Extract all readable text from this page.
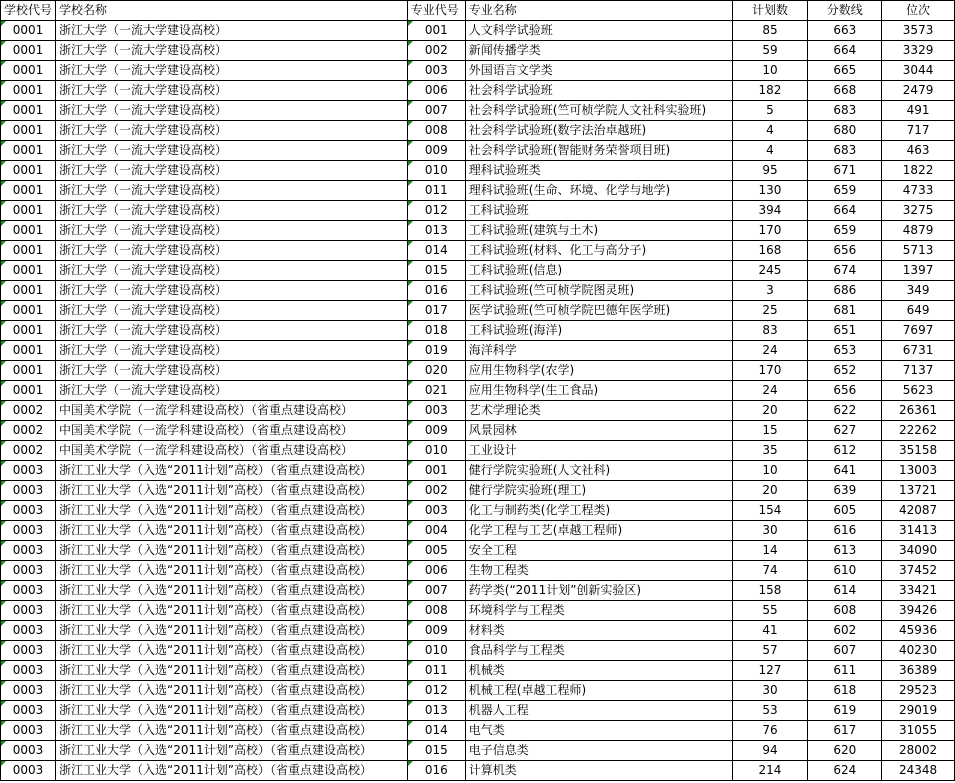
学校代号	学校名称	专业代号	专业名称	计划数	分数线	位次
0001	浙江大学（一流大学建设高校）	001	人文科学试验班	85	663	3573
0001	浙江大学（一流大学建设高校）	002	新闻传播学类	59	664	3329
0001	浙江大学（一流大学建设高校）	003	外国语言文学类	10	665	3044
0001	浙江大学（一流大学建设高校）	006	社会科学试验班	182	668	2479
0001	浙江大学（一流大学建设高校）	007	社会科学试验班(竺可桢学院人文社科实验班)	5	683	491
0001	浙江大学（一流大学建设高校）	008	社会科学试验班(数字法治卓越班)	4	680	717
0001	浙江大学（一流大学建设高校）	009	社会科学试验班(智能财务荣誉项目班)	4	683	463
0001	浙江大学（一流大学建设高校）	010	理科试验班类	95	671	1822
0001	浙江大学（一流大学建设高校）	011	理科试验班(生命、环境、化学与地学)	130	659	4733
0001	浙江大学（一流大学建设高校）	012	工科试验班	394	664	3275
0001	浙江大学（一流大学建设高校）	013	工科试验班(建筑与土木)	170	659	4879
0001	浙江大学（一流大学建设高校）	014	工科试验班(材料、化工与高分子)	168	656	5713
0001	浙江大学（一流大学建设高校）	015	工科试验班(信息)	245	674	1397
0001	浙江大学（一流大学建设高校）	016	工科试验班(竺可桢学院图灵班)	3	686	349
0001	浙江大学（一流大学建设高校）	017	医学试验班(竺可桢学院巴德年医学班)	25	681	649
0001	浙江大学（一流大学建设高校）	018	工科试验班(海洋)	83	651	7697
0001	浙江大学（一流大学建设高校）	019	海洋科学	24	653	6731
0001	浙江大学（一流大学建设高校）	020	应用生物科学(农学)	170	652	7137
0001	浙江大学（一流大学建设高校）	021	应用生物科学(生工食品)	24	656	5623
0002	中国美术学院（一流学科建设高校）（省重点建设高校）	003	艺术学理论类	20	622	26361
0002	中国美术学院（一流学科建设高校）（省重点建设高校）	009	风景园林	15	627	22262
0002	中国美术学院（一流学科建设高校）（省重点建设高校）	010	工业设计	35	612	35158
0003	浙江工业大学（入选“2011计划”高校）（省重点建设高校）	001	健行学院实验班(人文社科)	10	641	13003
0003	浙江工业大学（入选“2011计划”高校）（省重点建设高校）	002	健行学院实验班(理工)	20	639	13721
0003	浙江工业大学（入选“2011计划”高校）（省重点建设高校）	003	化工与制药类(化学工程类)	154	605	42087
0003	浙江工业大学（入选“2011计划”高校）（省重点建设高校）	004	化学工程与工艺(卓越工程师)	30	616	31413
0003	浙江工业大学（入选“2011计划”高校）（省重点建设高校）	005	安全工程	14	613	34090
0003	浙江工业大学（入选“2011计划”高校）（省重点建设高校）	006	生物工程类	74	610	37452
0003	浙江工业大学（入选“2011计划”高校）（省重点建设高校）	007	药学类(“2011计划”创新实验区)	158	614	33421
0003	浙江工业大学（入选“2011计划”高校）（省重点建设高校）	008	环境科学与工程类	55	608	39426
0003	浙江工业大学（入选“2011计划”高校）（省重点建设高校）	009	材料类	41	602	45936
0003	浙江工业大学（入选“2011计划”高校）（省重点建设高校）	010	食品科学与工程类	57	607	40230
0003	浙江工业大学（入选“2011计划”高校）（省重点建设高校）	011	机械类	127	611	36389
0003	浙江工业大学（入选“2011计划”高校）（省重点建设高校）	012	机械工程(卓越工程师)	30	618	29523
0003	浙江工业大学（入选“2011计划”高校）（省重点建设高校）	013	机器人工程	53	619	29019
0003	浙江工业大学（入选“2011计划”高校）（省重点建设高校）	014	电气类	76	617	31055
0003	浙江工业大学（入选“2011计划”高校）（省重点建设高校）	015	电子信息类	94	620	28002
0003	浙江工业大学（入选“2011计划”高校）（省重点建设高校）	016	计算机类	214	624	24348
